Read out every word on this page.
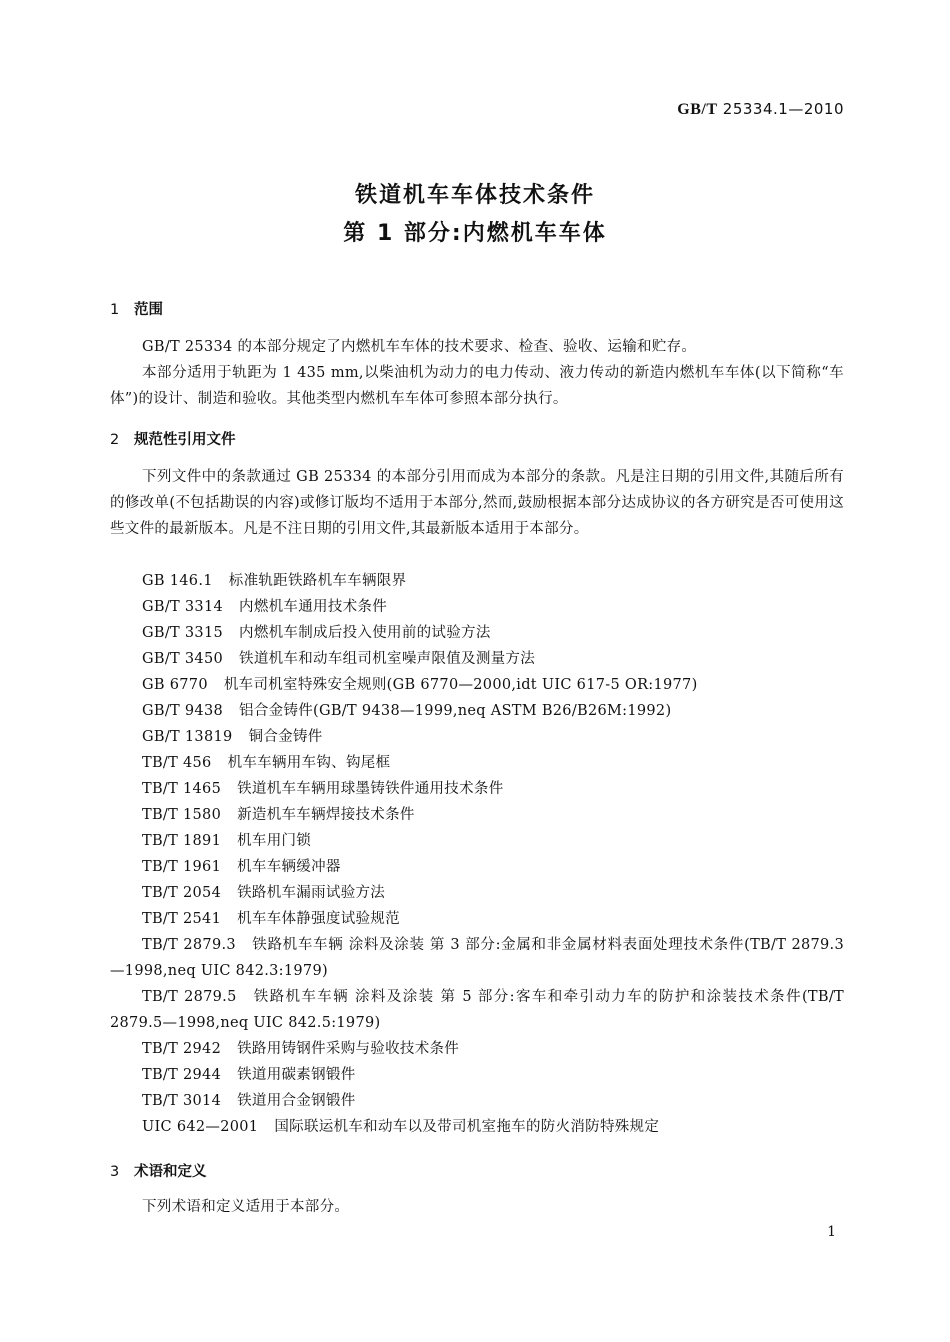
GB/T 25334.1—2010
铁道机车车体技术条件
第 1 部分:内燃机车车体
1 范围
GB/T 25334 的本部分规定了内燃机车车体的技术要求、检查、验收、运输和贮存。
本部分适用于轨距为 1 435 mm,以柴油机为动力的电力传动、液力传动的新造内燃机车车体(以下简称“车体”)的设计、制造和验收。其他类型内燃机车车体可参照本部分执行。
2 规范性引用文件
下列文件中的条款通过 GB 25334 的本部分引用而成为本部分的条款。凡是注日期的引用文件,其随后所有的修改单(不包括勘误的内容)或修订版均不适用于本部分,然而,鼓励根据本部分达成协议的各方研究是否可使用这些文件的最新版本。凡是不注日期的引用文件,其最新版本适用于本部分。
GB 146.1 标准轨距铁路机车车辆限界
GB/T 3314 内燃机车通用技术条件
GB/T 3315 内燃机车制成后投入使用前的试验方法
GB/T 3450 铁道机车和动车组司机室噪声限值及测量方法
GB 6770 机车司机室特殊安全规则(GB 6770—2000,idt UIC 617-5 OR:1977)
GB/T 9438 铝合金铸件(GB/T 9438—1999,neq ASTM B26/B26M:1992)
GB/T 13819 铜合金铸件
TB/T 456 机车车辆用车钩、钩尾框
TB/T 1465 铁道机车车辆用球墨铸铁件通用技术条件
TB/T 1580 新造机车车辆焊接技术条件
TB/T 1891 机车用门锁
TB/T 1961 机车车辆缓冲器
TB/T 2054 铁路机车漏雨试验方法
TB/T 2541 机车车体静强度试验规范
TB/T 2879.3 铁路机车车辆 涂料及涂装 第 3 部分:金属和非金属材料表面处理技术条件(TB/T 2879.3—1998,neq UIC 842.3:1979)
TB/T 2879.5 铁路机车车辆 涂料及涂装 第 5 部分:客车和牵引动力车的防护和涂装技术条件(TB/T 2879.5—1998,neq UIC 842.5:1979)
TB/T 2942 铁路用铸钢件采购与验收技术条件
TB/T 2944 铁道用碳素钢锻件
TB/T 3014 铁道用合金钢锻件
UIC 642—2001 国际联运机车和动车以及带司机室拖车的防火消防特殊规定
3 术语和定义
下列术语和定义适用于本部分。
1
